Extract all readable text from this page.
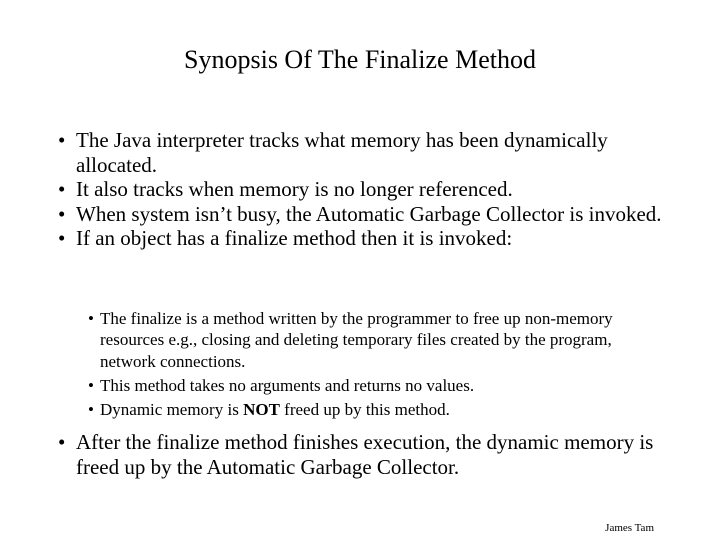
Synopsis Of The Finalize Method
• The Java interpreter tracks what memory has been dynamically allocated.
• It also tracks when memory is no longer referenced.
• When system isn’t busy, the Automatic Garbage Collector is invoked.
• If an object has a finalize method then it is invoked:
• The finalize is a method written by the programmer to free up non-memory resources e.g., closing and deleting temporary files created by the program, network connections.
• This method takes no arguments and returns no values.
• Dynamic memory is NOT freed up by this method.
• After the finalize method finishes execution, the dynamic memory is freed up by the Automatic Garbage Collector.
James Tam
